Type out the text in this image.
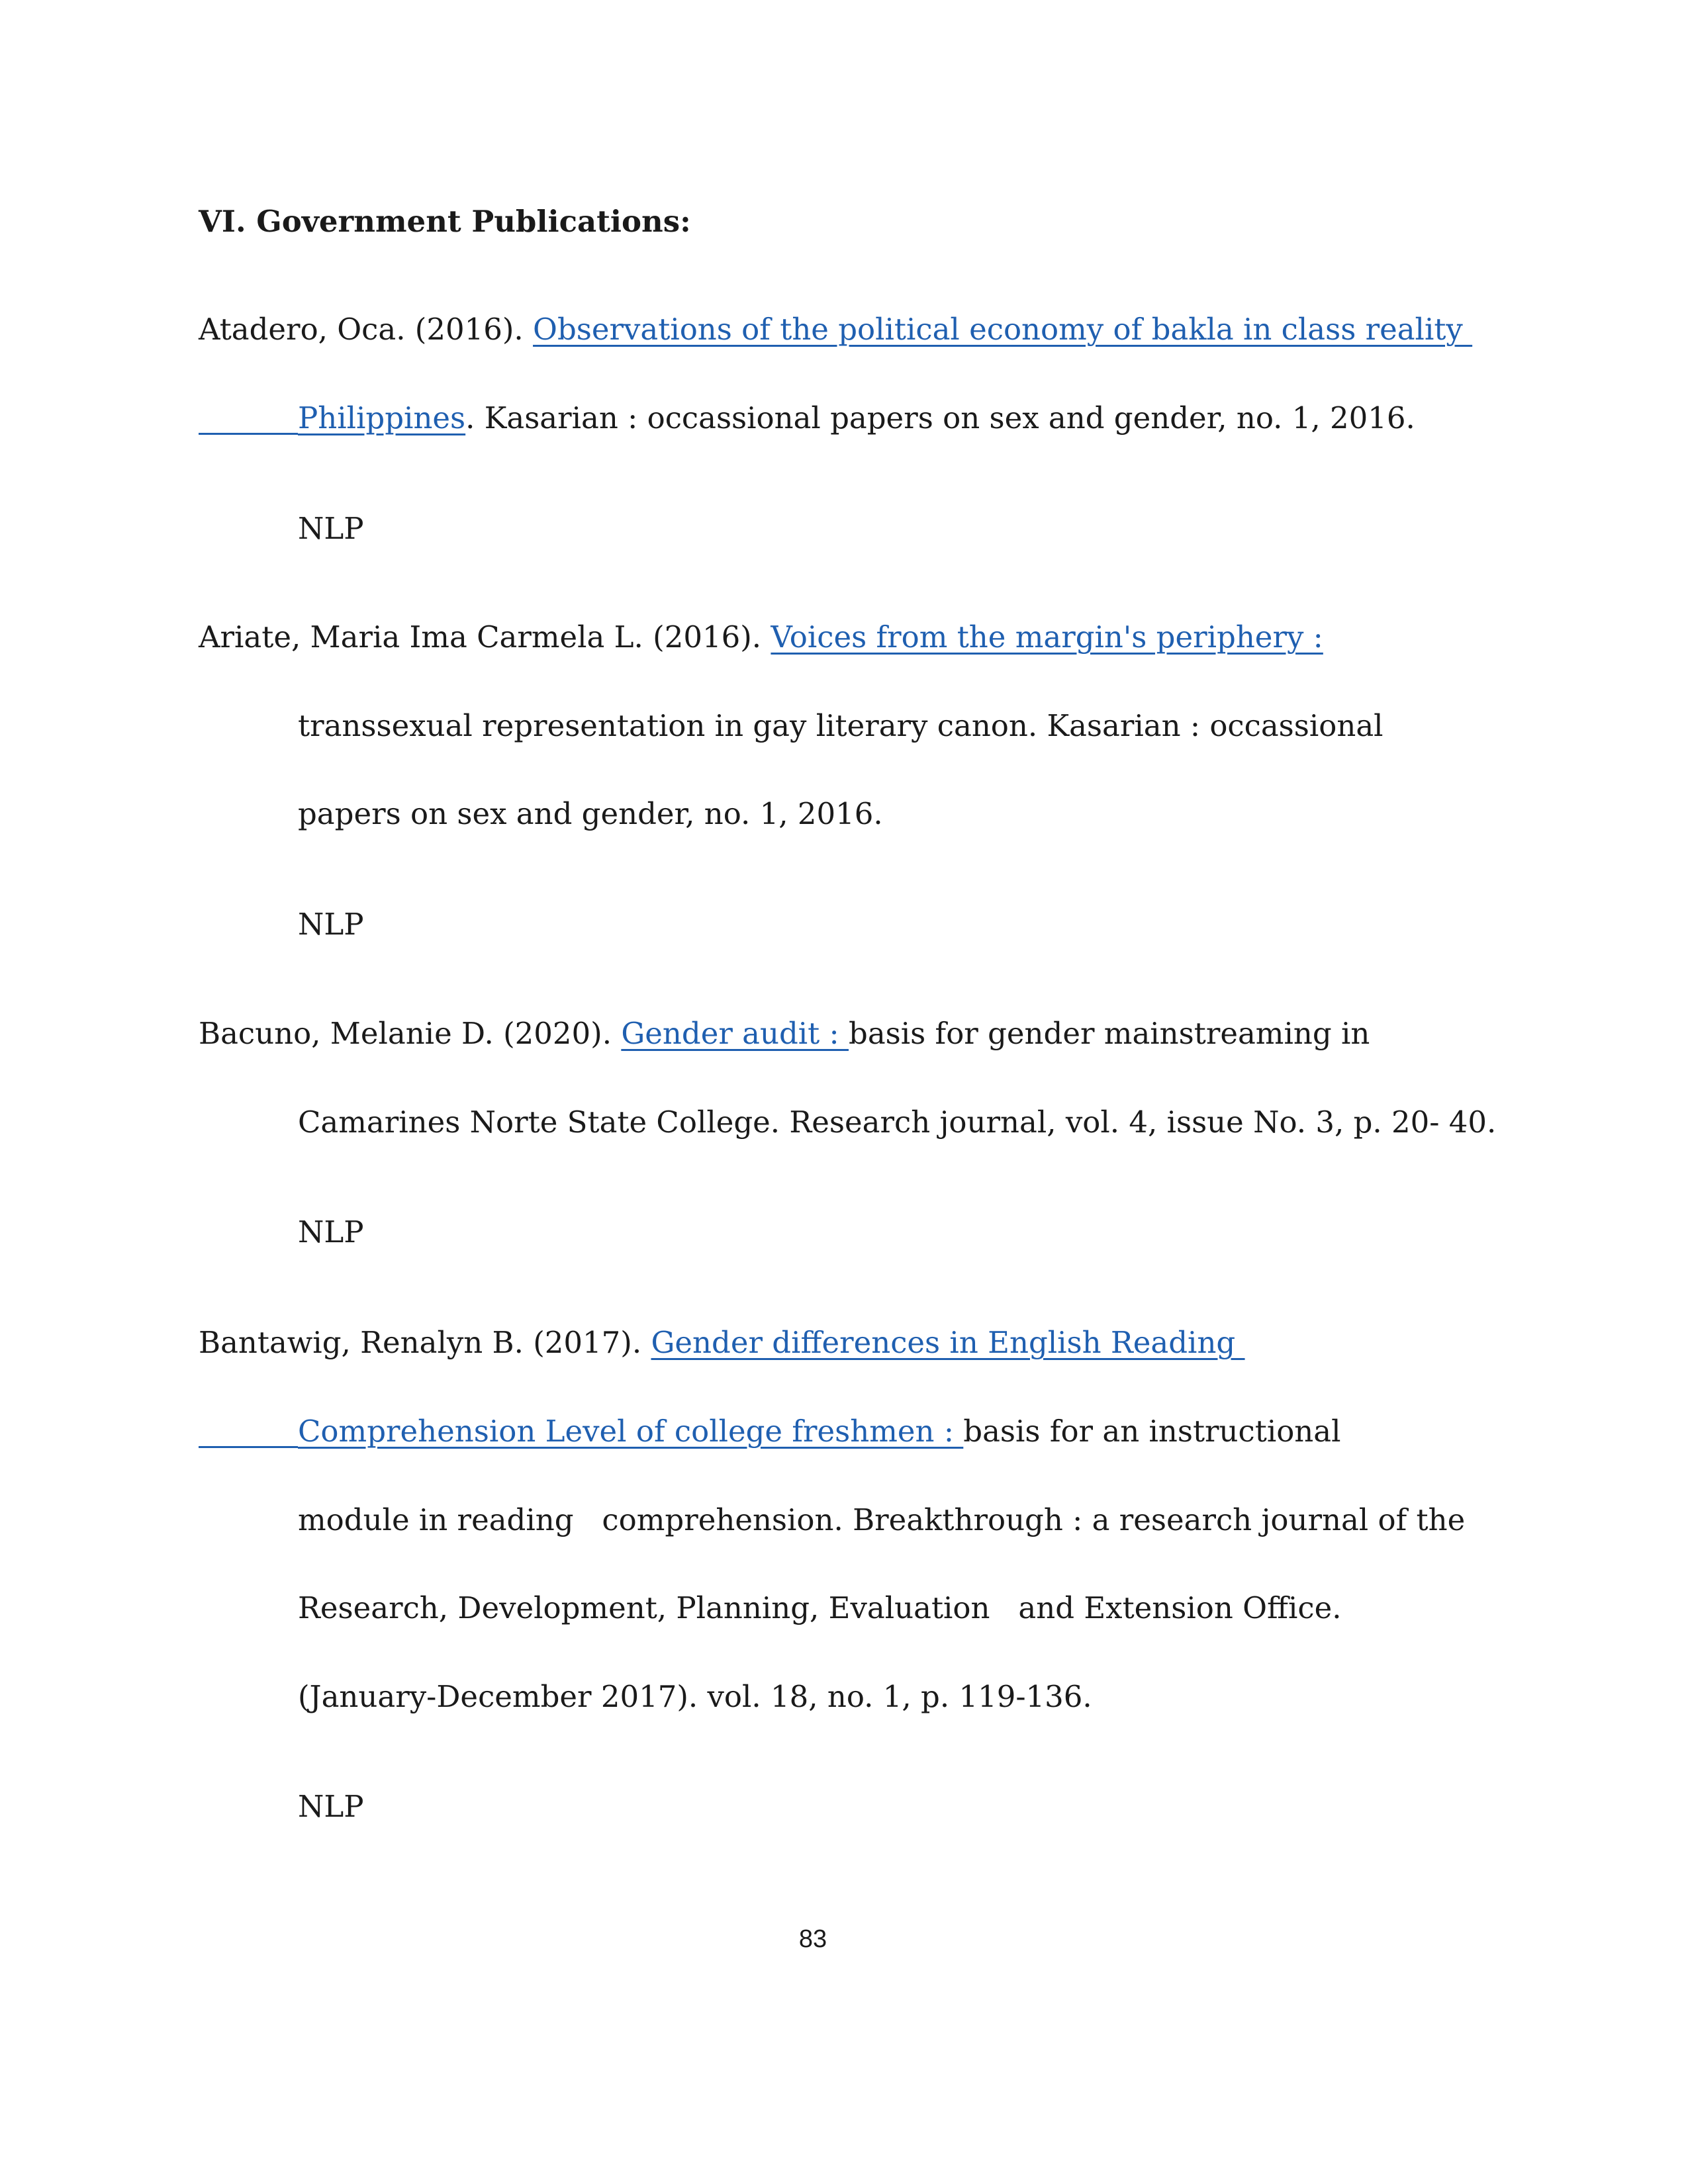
VI. Government Publications:
Atadero, Oca. (2016). Observations of the political economy of bakla in class reality
Philippines. Kasarian : occassional papers on sex and gender, no. 1, 2016.
NLP
Ariate, Maria Ima Carmela L. (2016). Voices from the margin's periphery :
transsexual representation in gay literary canon. Kasarian : occassional
papers on sex and gender, no. 1, 2016.
NLP
Bacuno, Melanie D. (2020). Gender audit : basis for gender mainstreaming in
Camarines Norte State College. Research journal, vol. 4, issue No. 3, p. 20- 40.
NLP
Bantawig, Renalyn B. (2017). Gender differences in English Reading
Comprehension Level of college freshmen : basis for an instructional
module in reading   comprehension. Breakthrough : a research journal of the
Research, Development, Planning, Evaluation   and Extension Office.
(January-December 2017). vol. 18, no. 1, p. 119-136.
NLP
83
